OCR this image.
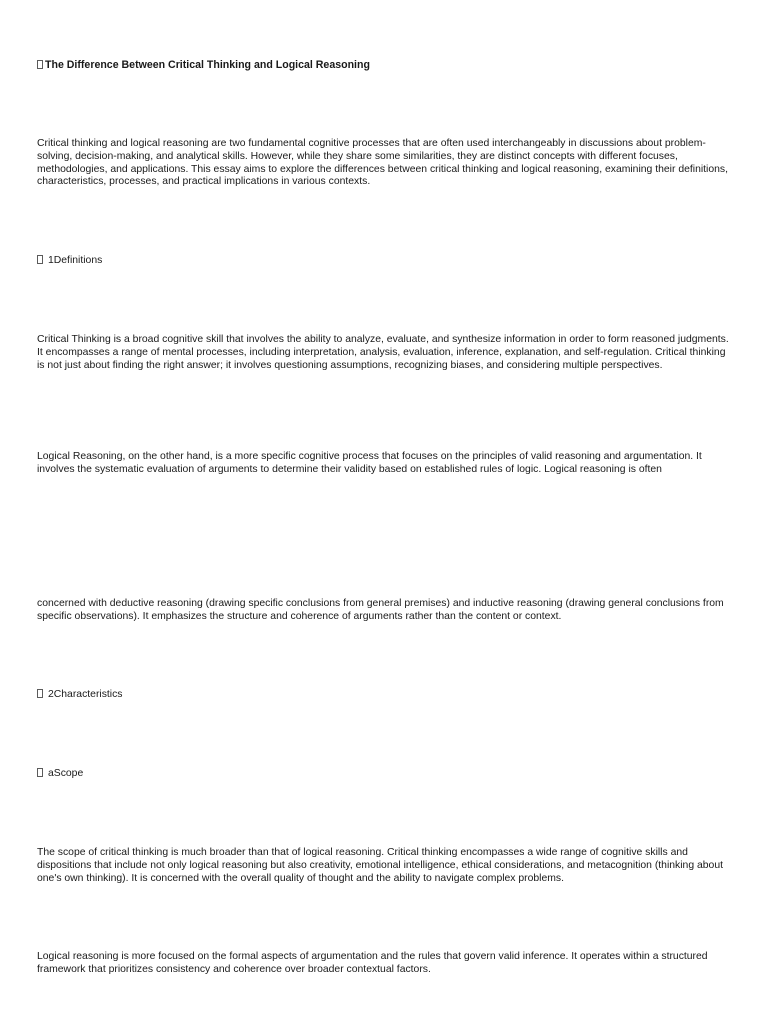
The Difference Between Critical Thinking and Logical Reasoning

Critical thinking and logical reasoning are two fundamental cognitive processes that are often used interchangeably in discussions about problem-solving, decision-making, and analytical skills. However, while they share some similarities, they are distinct concepts with different focuses, methodologies, and applications. This essay aims to explore the differences between critical thinking and logical reasoning, examining their definitions, characteristics, processes, and practical implications in various contexts.

1Definitions

Critical Thinking is a broad cognitive skill that involves the ability to analyze, evaluate, and synthesize information in order to form reasoned judgments. It encompasses a range of mental processes, including interpretation, analysis, evaluation, inference, explanation, and self-regulation. Critical thinking is not just about finding the right answer; it involves questioning assumptions, recognizing biases, and considering multiple perspectives.

Logical Reasoning, on the other hand, is a more specific cognitive process that focuses on the principles of valid reasoning and argumentation. It involves the systematic evaluation of arguments to determine their validity based on established rules of logic. Logical reasoning is often

concerned with deductive reasoning (drawing specific conclusions from general premises) and inductive reasoning (drawing general conclusions from specific observations). It emphasizes the structure and coherence of arguments rather than the content or context.

2Characteristics

aScope

The scope of critical thinking is much broader than that of logical reasoning. Critical thinking encompasses a wide range of cognitive skills and dispositions that include not only logical reasoning but also creativity, emotional intelligence, ethical considerations, and metacognition (thinking about one's own thinking). It is concerned with the overall quality of thought and the ability to navigate complex problems.

Logical reasoning is more focused on the formal aspects of argumentation and the rules that govern valid inference. It operates within a structured framework that prioritizes consistency and coherence over broader contextual factors.
